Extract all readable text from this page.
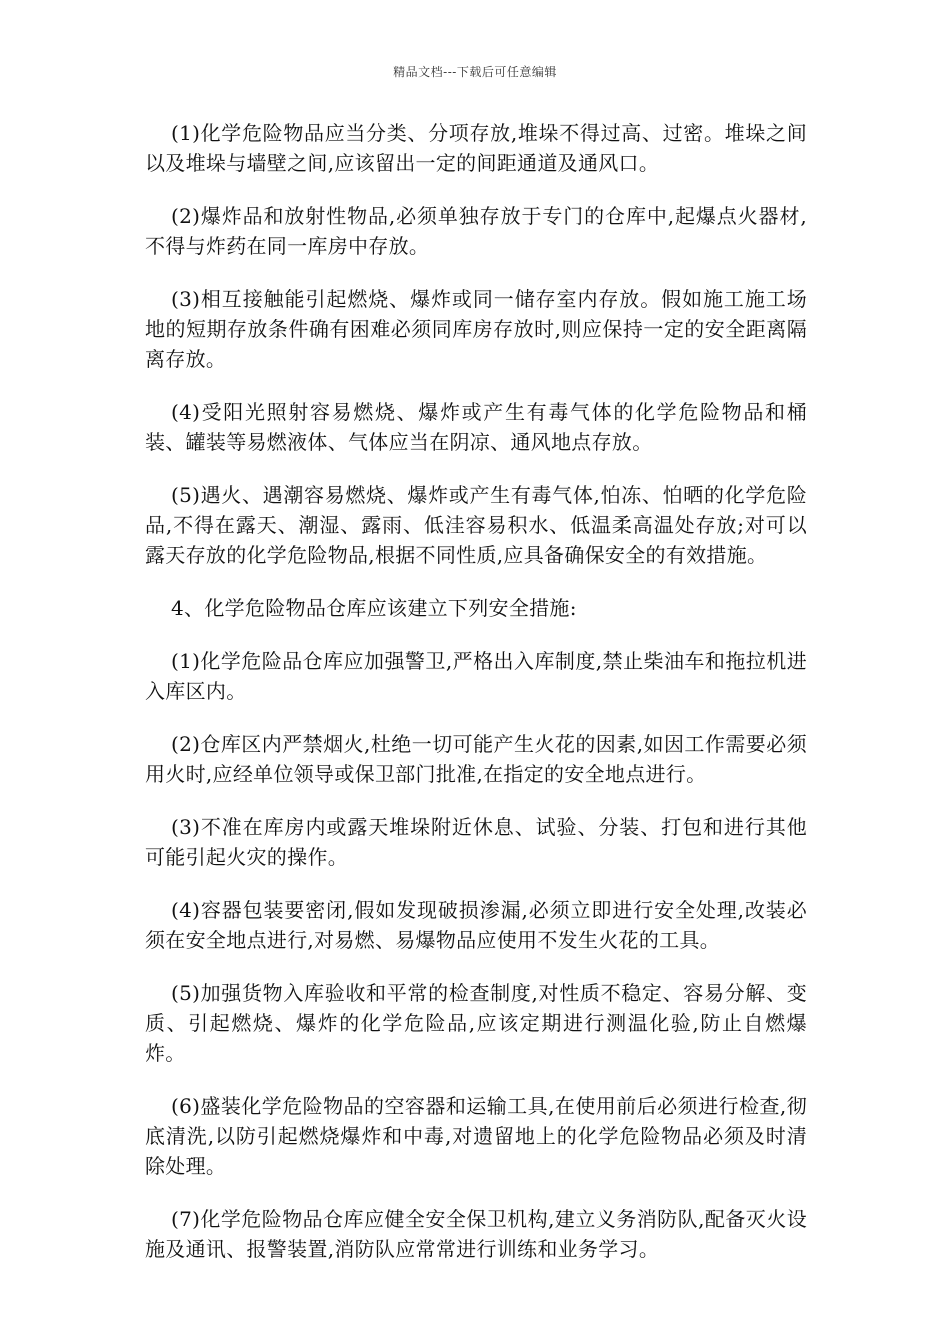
精品文档---下载后可任意编辑

(1)化学危险物品应当分类、分项存放,堆垛不得过高、过密。堆垛之间以及堆垛与墙壁之间,应该留出一定的间距通道及通风口。

(2)爆炸品和放射性物品,必须单独存放于专门的仓库中,起爆点火器材,不得与炸药在同一库房中存放。

(3)相互接触能引起燃烧、爆炸或同一储存室内存放。假如施工施工场地的短期存放条件确有困难必须同库房存放时,则应保持一定的安全距离隔离存放。

(4)受阳光照射容易燃烧、爆炸或产生有毒气体的化学危险物品和桶装、罐装等易燃液体、气体应当在阴凉、通风地点存放。

(5)遇火、遇潮容易燃烧、爆炸或产生有毒气体,怕冻、怕晒的化学危险品,不得在露天、潮湿、露雨、低洼容易积水、低温柔高温处存放;对可以露天存放的化学危险物品,根据不同性质,应具备确保安全的有效措施。

4、化学危险物品仓库应该建立下列安全措施:

(1)化学危险品仓库应加强警卫,严格出入库制度,禁止柴油车和拖拉机进入库区内。

(2)仓库区内严禁烟火,杜绝一切可能产生火花的因素,如因工作需要必须用火时,应经单位领导或保卫部门批准,在指定的安全地点进行。

(3)不准在库房内或露天堆垛附近休息、试验、分装、打包和进行其他可能引起火灾的操作。

(4)容器包装要密闭,假如发现破损渗漏,必须立即进行安全处理,改装必须在安全地点进行,对易燃、易爆物品应使用不发生火花的工具。

(5)加强货物入库验收和平常的检查制度,对性质不稳定、容易分解、变质、引起燃烧、爆炸的化学危险品,应该定期进行测温化验,防止自燃爆炸。

(6)盛装化学危险物品的空容器和运输工具,在使用前后必须进行检查,彻底清洗,以防引起燃烧爆炸和中毒,对遗留地上的化学危险物品必须及时清除处理。

(7)化学危险物品仓库应健全安全保卫机构,建立义务消防队,配备灭火设施及通讯、报警装置,消防队应常常进行训练和业务学习。
